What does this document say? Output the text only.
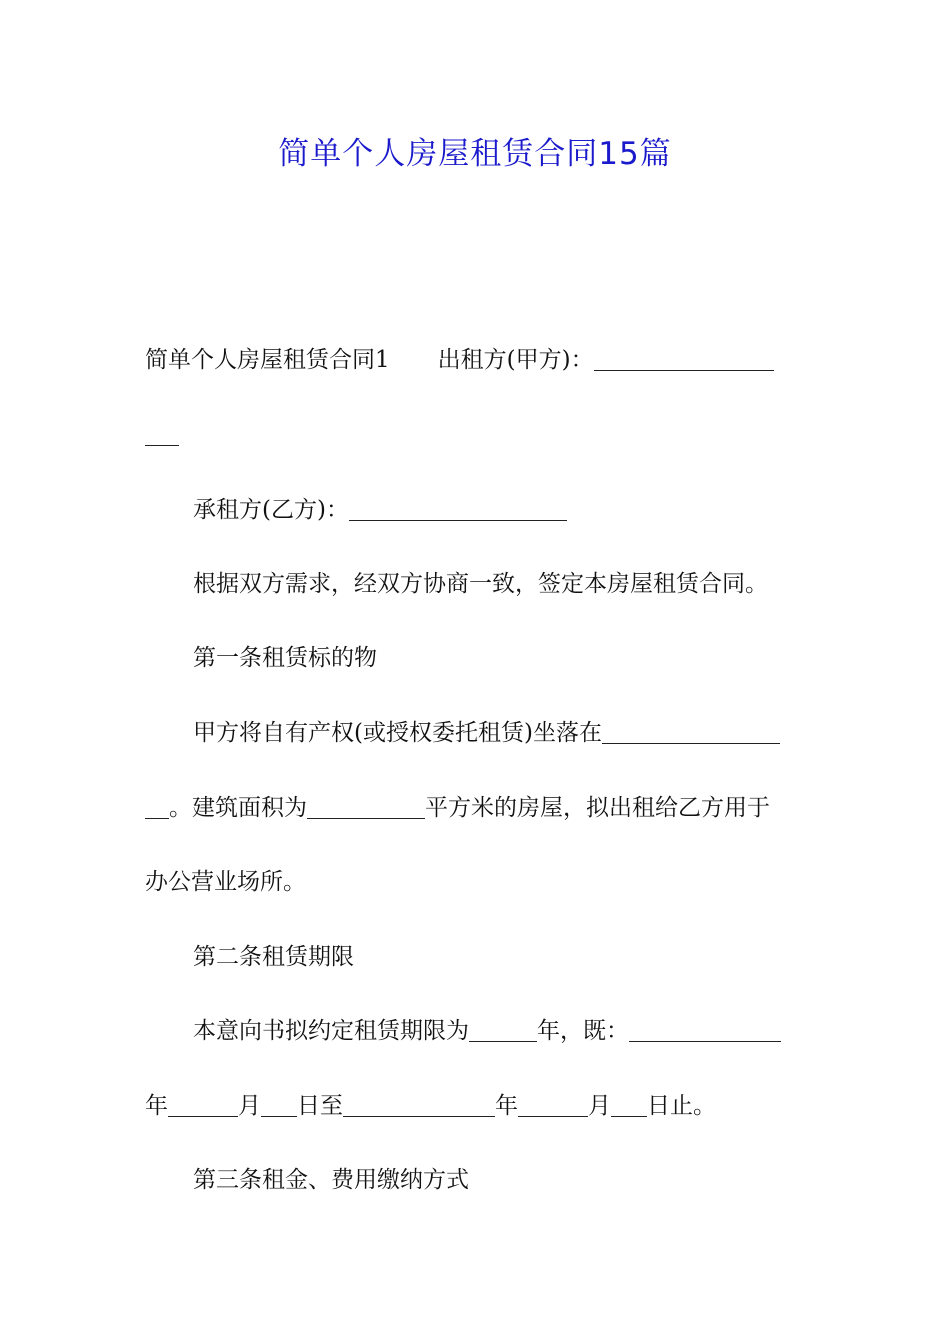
简单个人房屋租赁合同15篇
简单个人房屋租赁合同1 出租方(甲方)：
承租方(乙方)：
根据双方需求，经双方协商一致，签定本房屋租赁合同。
第一条租赁标的物
甲方将自有产权(或授权委托租赁)坐落在
。建筑面积为	平方米的房屋，拟出租给乙方用于
办公营业场所。
第二条租赁期限
本意向书拟约定租赁期限为	年，既：
年	月 日至	年	月 日止。
第三条租金、费用缴纳方式
